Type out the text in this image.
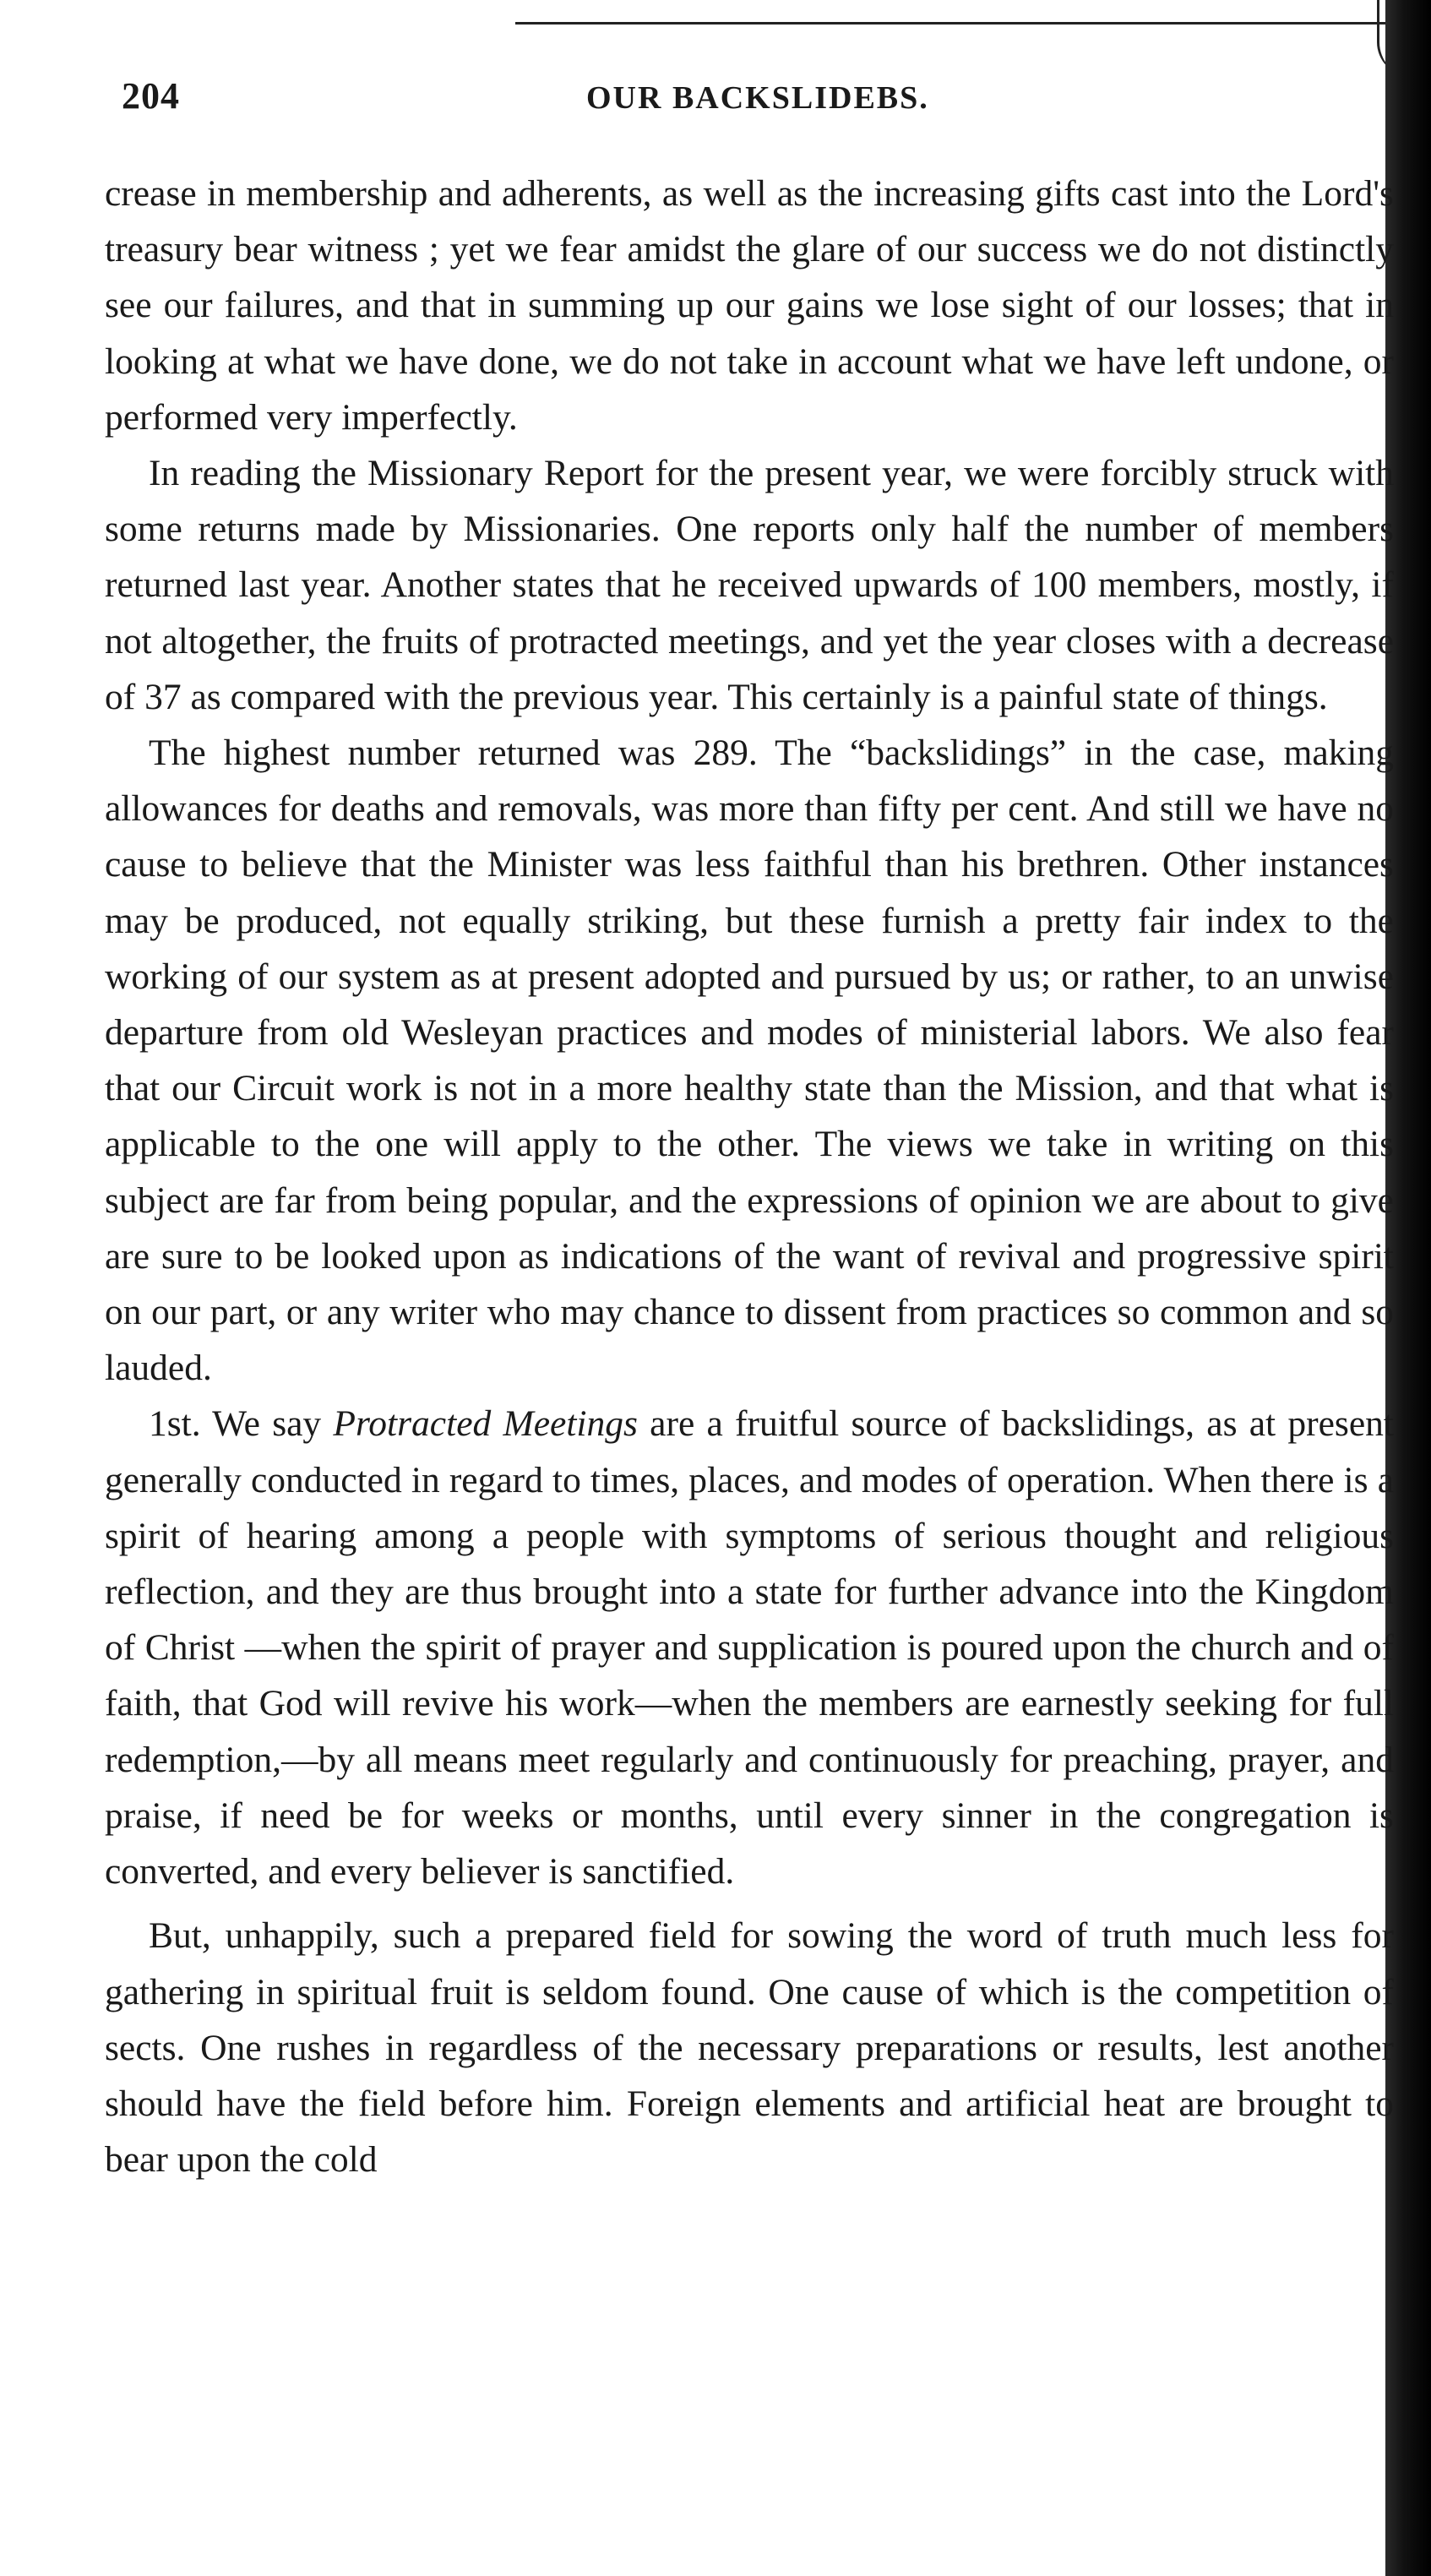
204	OUR BACKSLIDEBS.

crease in membership and adherents, as well as the increasing gifts cast into the Lord's treasury bear witness ; yet we fear amidst the glare of our success we do not distinctly see our failures, and that in summing up our gains we lose sight of our losses; that in looking at what we have done, we do not take in account what we have left undone, or performed very imperfectly.

In reading the Missionary Report for the present year, we were forcibly struck with some returns made by Missionaries. One reports only half the number of members returned last year. Another states that he received upwards of 100 members, mostly, if not altogether, the fruits of protracted meetings, and yet the year closes with a decrease of 37 as compared with the previous year. This certainly is a painful state of things.

The highest number returned was 289. The “backslidings” in the case, making allowances for deaths and removals, was more than fifty per cent. And still we have no cause to believe that the Minister was less faithful than his brethren. Other instances may be produced, not equally striking, but these furnish a pretty fair index to the working of our system as at present adopted and pursued by us; or rather, to an unwise departure from old Wesleyan practices and modes of ministerial labors. We also fear that our Circuit work is not in a more healthy state than the Mission, and that what is applicable to the one will apply to the other. The views we take in writing on this subject are far from being popular, and the expressions of opinion we are about to give are sure to be looked upon as indications of the want of revival and progressive spirit on our part, or any writer who may chance to dissent from practices so common and so lauded.

1st. We say Protracted Meetings are a fruitful source of backslidings, as at present generally conducted in regard to times, places, and modes of operation. When there is a spirit of hearing among a people with symptoms of serious thought and religious reflection, and they are thus brought into a state for further advance into the Kingdom of Christ —when the spirit of prayer and supplication is poured upon the church and of faith, that God will revive his work—when the members are earnestly seeking for full redemption,—by all means meet regularly and continuously for preaching, prayer, and praise, if need be for weeks or months, until every sinner in the congregation is converted, and every believer is sanctified.

But, unhappily, such a prepared field for sowing the word of truth much less for gathering in spiritual fruit is seldom found. One cause of which is the competition of sects. One rushes in regardless of the necessary preparations or results, lest another should have the field before him. Foreign elements and artificial heat are brought to bear upon the cold
